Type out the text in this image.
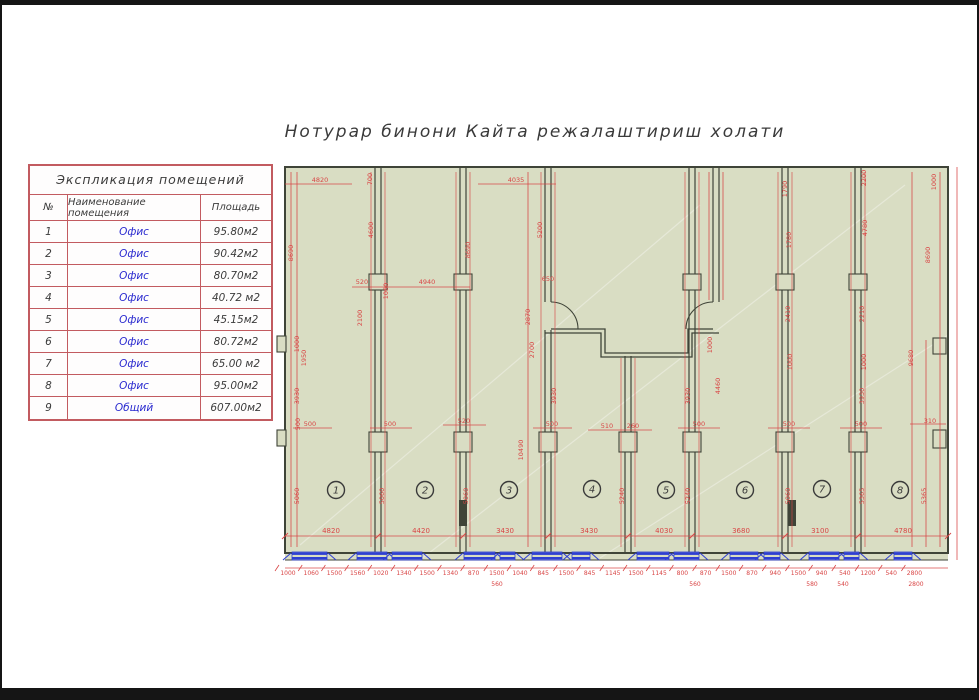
Нотурар бинони Кайта режалаштириш холати
Экспликация помещений
№	Наименование помещения	Площадь
1	Офис	95.80м2
2	Офис	90.42м2
3	Офис	80.70м2
4	Офис	40.72 м2
5	Офис	45.15м2
6	Офис	80.72м2
7	Офис	65.00 м2
8	Офис	95.00м2
9	Общий	607.00м2
4820	4420	3430	3430	4030	3680	3100	4780
1000 1060 1500 1560 1020 1340 1500 1340 870 1500 1040 845 1500 845 1145 1500 1145 800 870 1500 870 940 1500 940 540 1200 540 2800
560	560	580	540	2800
8690	8690	8690
9680
10490
5200
4600	4780
1790
1780
2410	2210
2870
2700
2100
1060
700	2200	1000
3930	3930	3930	3930
1000	1000
1000	1000
1950
5060	5060	5060	5240	5240	5060	5365	5365
4460
500
4820	4035
520	4940	650
500	500	520	500	510 260	500	500	500	310
1	2	3	4	5	6	7	8
